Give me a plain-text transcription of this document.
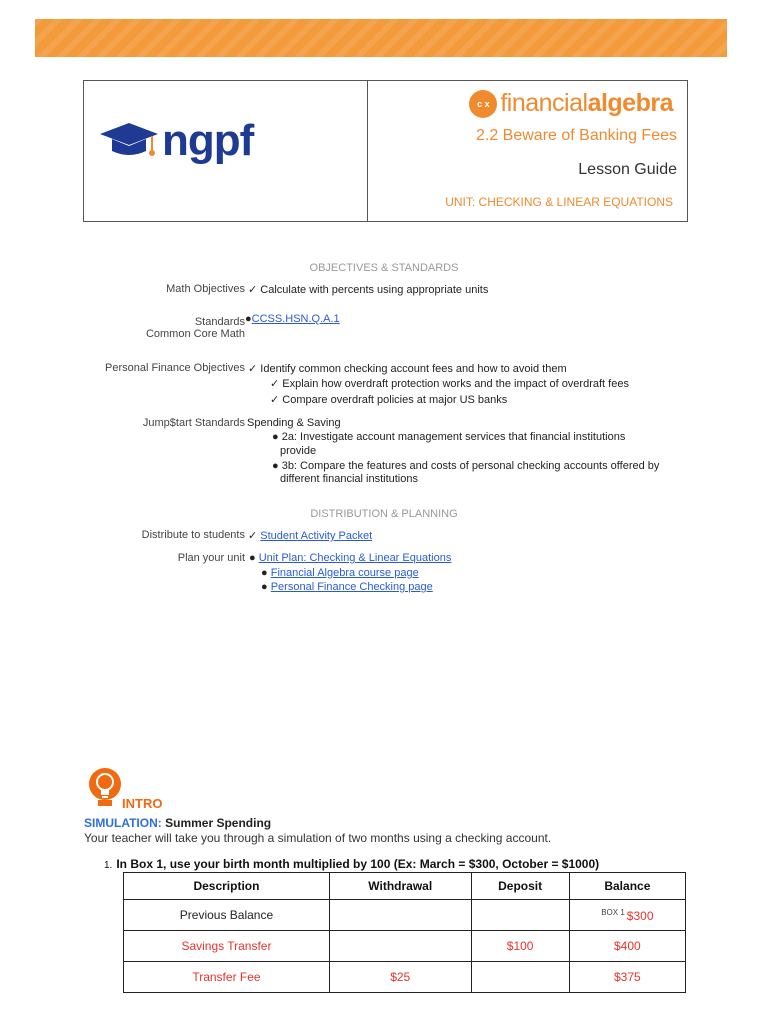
ngpf
c x financialalgebra
2.2 Beware of Banking Fees
Lesson Guide
UNIT: CHECKING & LINEAR EQUATIONS
OBJECTIVES & STANDARDS
Math Objectives ✓ Calculate with percents using appropriate units
Standards
Common Core Math
●CCSS.HSN.Q.A.1
Personal Finance Objectives ✓ Identify common checking account fees and how to avoid them
✓ Explain how overdraft protection works and the impact of overdraft fees
✓ Compare overdraft policies at major US banks
Jump$tart Standards Spending & Saving
● 2a: Investigate account management services that financial institutions
provide
● 3b: Compare the features and costs of personal checking accounts offered by
different financial institutions
DISTRIBUTION & PLANNING
Distribute to students ✓ Student Activity Packet
Plan your unit ● Unit Plan: Checking & Linear Equations
● Financial Algebra course page
● Personal Finance Checking page
INTRO
SIMULATION: Summer Spending
Your teacher will take you through a simulation of two months using a checking account.
1. In Box 1, use your birth month multiplied by 100 (Ex: March = $300, October = $1000)
Description	Withdrawal	Deposit	Balance
Previous Balance			$^{BOX 1}$ $300
Savings Transfer		$100	$400
Transfer Fee	$25		$375
